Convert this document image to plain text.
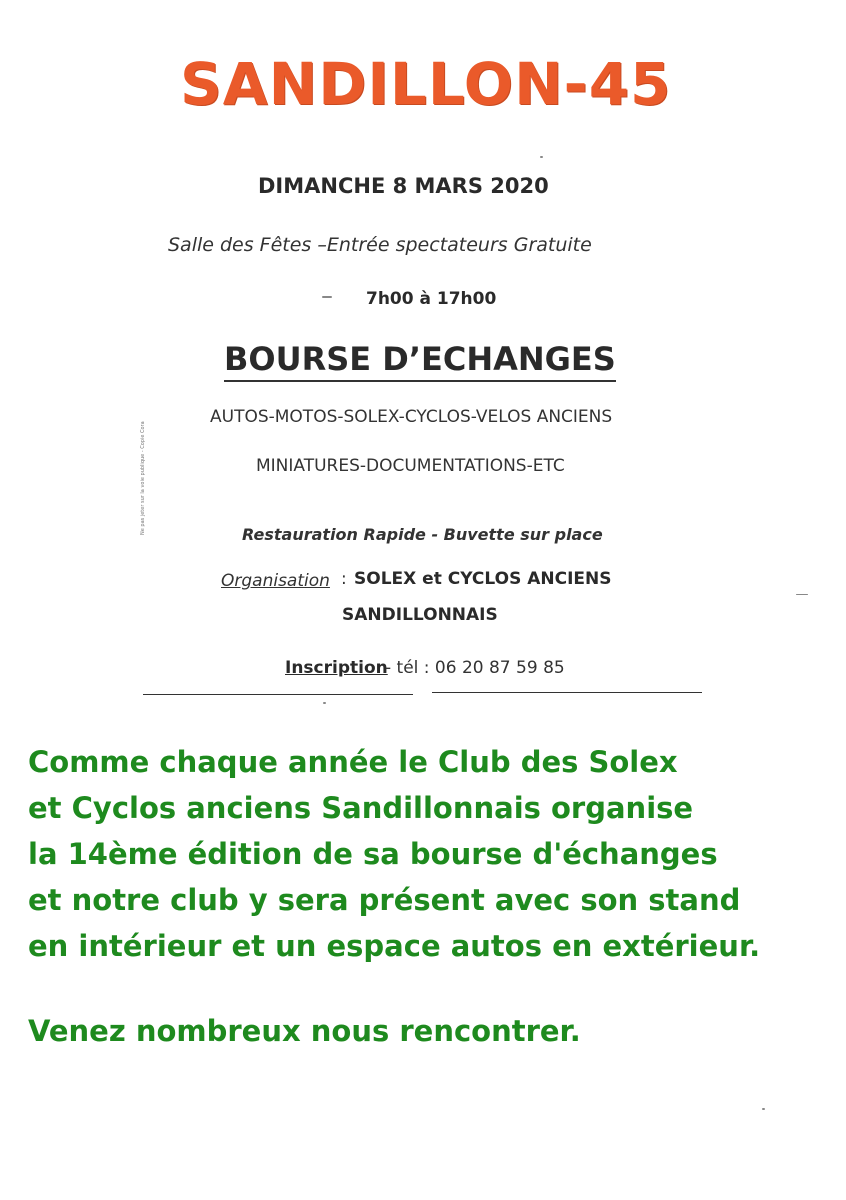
SANDILLON-45
DIMANCHE 8 MARS 2020
Salle des Fêtes –Entrée spectateurs Gratuite
7h00 à 17h00
BOURSE D’ECHANGES
AUTOS-MOTOS-SOLEX-CYCLOS-VELOS ANCIENS
MINIATURES-DOCUMENTATIONS-ETC
Restauration Rapide - Buvette sur place
Organisation : SOLEX et CYCLOS ANCIENS
SANDILLONNAIS
Inscription
- tél : 06 20 87 59 85
Ne pas jeter sur la voie publique - Copie Cora
Comme chaque année le Club des Solex
et Cyclos anciens Sandillonnais organise
la 14ème édition de sa bourse d'échanges
et notre club y sera présent avec son stand
en intérieur et un espace autos en extérieur.
Venez nombreux nous rencontrer.
